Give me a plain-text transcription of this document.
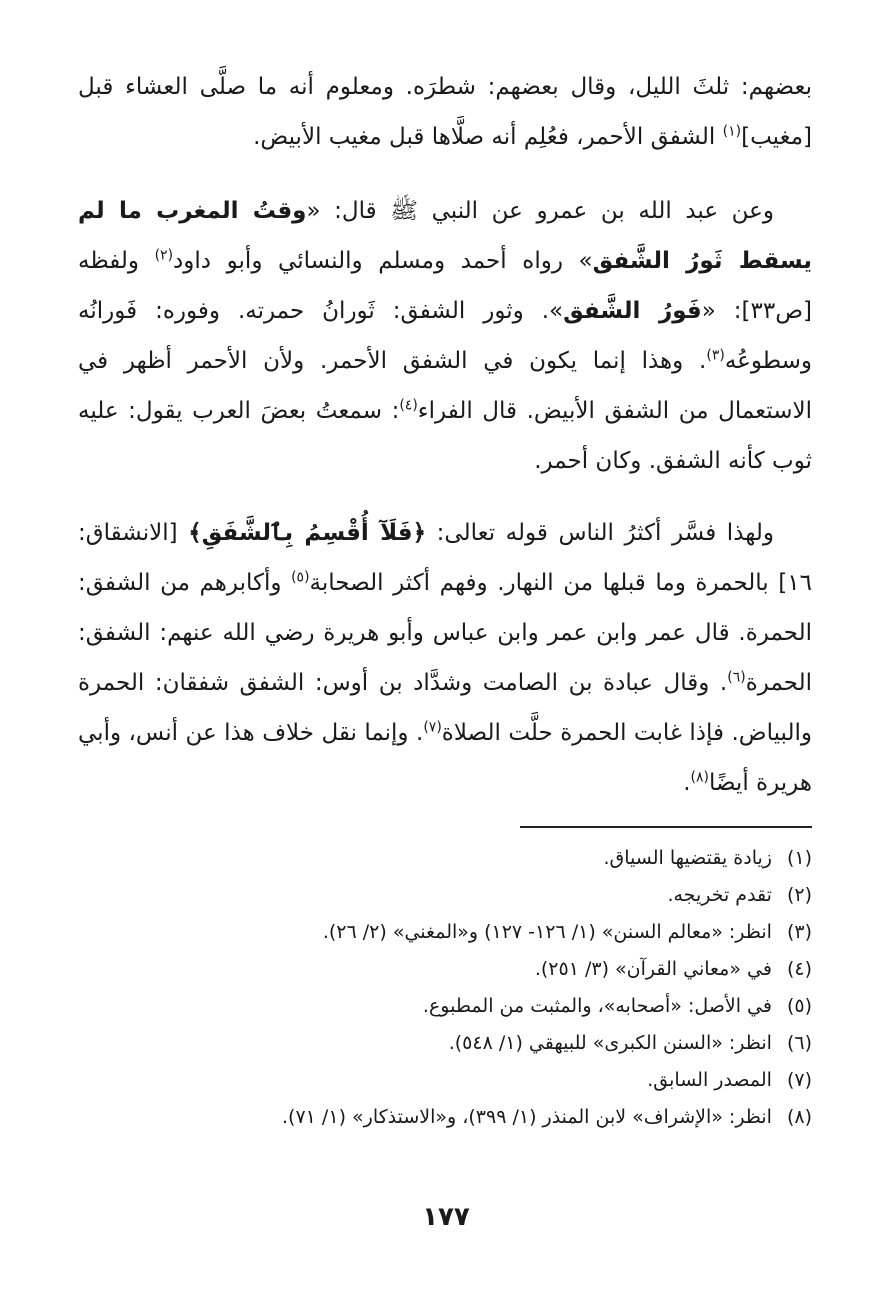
بعضهم: ثلثَ الليل، وقال بعضهم: شطرَه. ومعلوم أنه ما صلَّى العشاء قبل [مغيب]$^{(١)}$ الشفق الأحمر، فعُلِم أنه صلَّاها قبل مغيب الأبيض.

وعن عبد الله بن عمرو عن النبي ﷺ قال: «وقتُ المغرب ما لم يسقط ثَورُ الشَّفق» رواه أحمد ومسلم والنسائي وأبو داود$^{(٢)}$ ولفظه [ص٣٣]: «فَورُ الشَّفق». وثور الشفق: ثَورانُ حمرته. وفوره: فَورانُه وسطوعُه$^{(٣)}$. وهذا إنما يكون في الشفق الأحمر. ولأن الأحمر أظهر في الاستعمال من الشفق الأبيض. قال الفراء$^{(٤)}$: سمعتُ بعضَ العرب يقول: عليه ثوب كأنه الشفق. وكان أحمر.

ولهذا فسَّر أكثرُ الناس قوله تعالى: ﴿فَلَآ أُقْسِمُ بِٱلشَّفَقِ﴾ [الانشقاق: ١٦] بالحمرة وما قبلها من النهار. وفهم أكثر الصحابة$^{(٥)}$ وأكابرهم من الشفق: الحمرة. قال عمر وابن عمر وابن عباس وأبو هريرة رضي الله عنهم: الشفق: الحمرة$^{(٦)}$. وقال عبادة بن الصامت وشدَّاد بن أوس: الشفق شفقان: الحمرة والبياض. فإذا غابت الحمرة حلَّت الصلاة$^{(٧)}$. وإنما نقل خلاف هذا عن أنس، وأبي هريرة أيضًا$^{(٨)}$.

(١) زيادة يقتضيها السياق.
(٢) تقدم تخريجه.
(٣) انظر: «معالم السنن» (١/ ١٢٦- ١٢٧) و«المغني» (٢/ ٢٦).
(٤) في «معاني القرآن» (٣/ ٢٥١).
(٥) في الأصل: «أصحابه»، والمثبت من المطبوع.
(٦) انظر: «السنن الكبرى» للبيهقي (١/ ٥٤٨).
(٧) المصدر السابق.
(٨) انظر: «الإشراف» لابن المنذر (١/ ٣٩٩)، و«الاستذكار» (١/ ٧١).
١٧٧
